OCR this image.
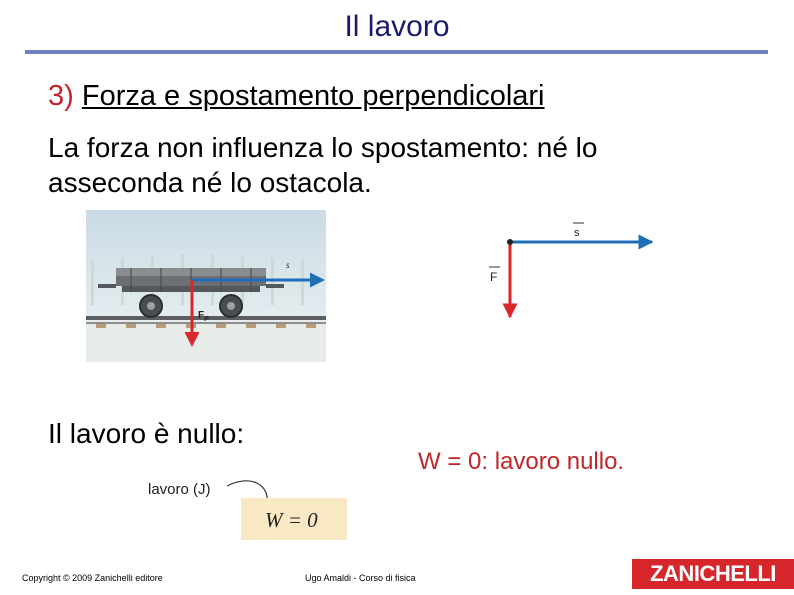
Il lavoro
3) Forza e spostamento perpendicolari
La forza non influenza lo spostamento: né lo
asseconda né lo ostacola.
s
$F_P$
s
F
Il lavoro è nullo:
W = 0: lavoro nullo.
lavoro (J)
W = 0
Copyright © 2009 Zanichelli editore	Ugo Amaldi - Corso di fisica	ZANICHELLI
